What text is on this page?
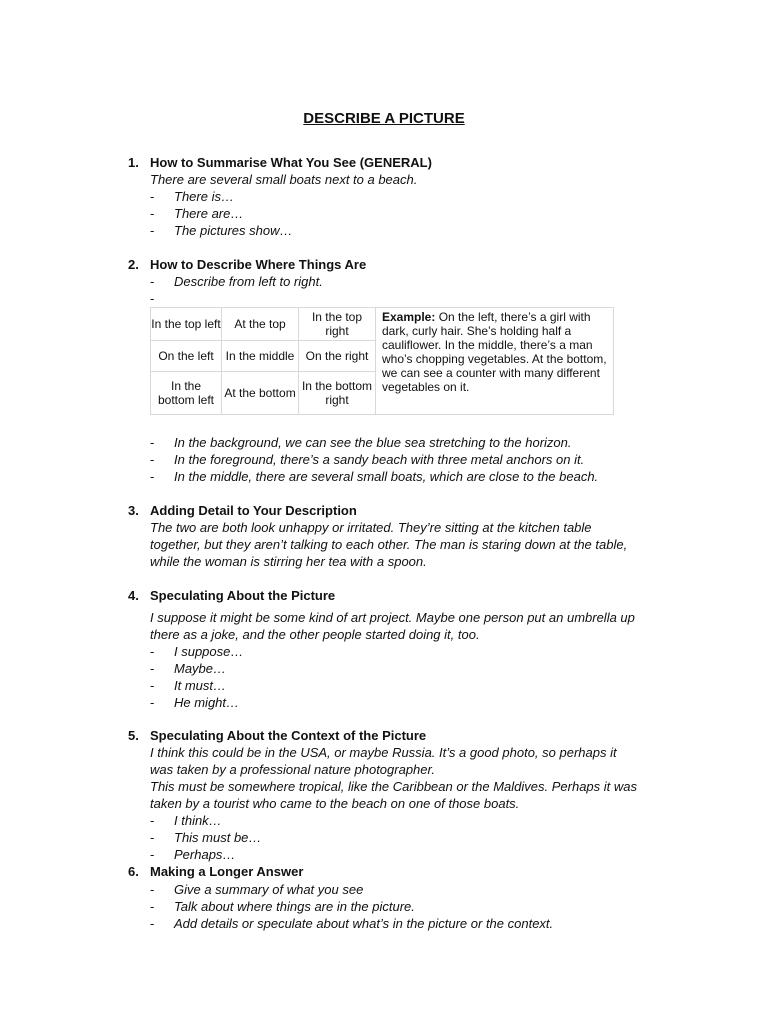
DESCRIBE A PICTURE
1. How to Summarise What You See (GENERAL)
There are several small boats next to a beach.
- There is…
- There are…
- The pictures show…
2. How to Describe Where Things Are
- Describe from left to right.
-
In the top left	At the top	In the top right	Example: On the left, there’s a girl with dark, curly hair. She’s holding half a cauliflower. In the middle, there’s a man who’s chopping vegetables. At the bottom, we can see a counter with many different vegetables on it.
On the left	In the middle	On the right	
In the bottom left	At the bottom	In the bottom right	
- In the background, we can see the blue sea stretching to the horizon.
- In the foreground, there’s a sandy beach with three metal anchors on it.
- In the middle, there are several small boats, which are close to the beach.
3. Adding Detail to Your Description
The two are both look unhappy or irritated. They’re sitting at the kitchen table
together, but they aren’t talking to each other. The man is staring down at the table,
while the woman is stirring her tea with a spoon.
4. Speculating About the Picture
I suppose it might be some kind of art project. Maybe one person put an umbrella up
there as a joke, and the other people started doing it, too.
- I suppose…
- Maybe…
- It must…
- He might…
5. Speculating About the Context of the Picture
I think this could be in the USA, or maybe Russia. It’s a good photo, so perhaps it
was taken by a professional nature photographer.
This must be somewhere tropical, like the Caribbean or the Maldives. Perhaps it was
taken by a tourist who came to the beach on one of those boats.
- I think…
- This must be…
- Perhaps…
6. Making a Longer Answer
- Give a summary of what you see
- Talk about where things are in the picture.
- Add details or speculate about what’s in the picture or the context.
